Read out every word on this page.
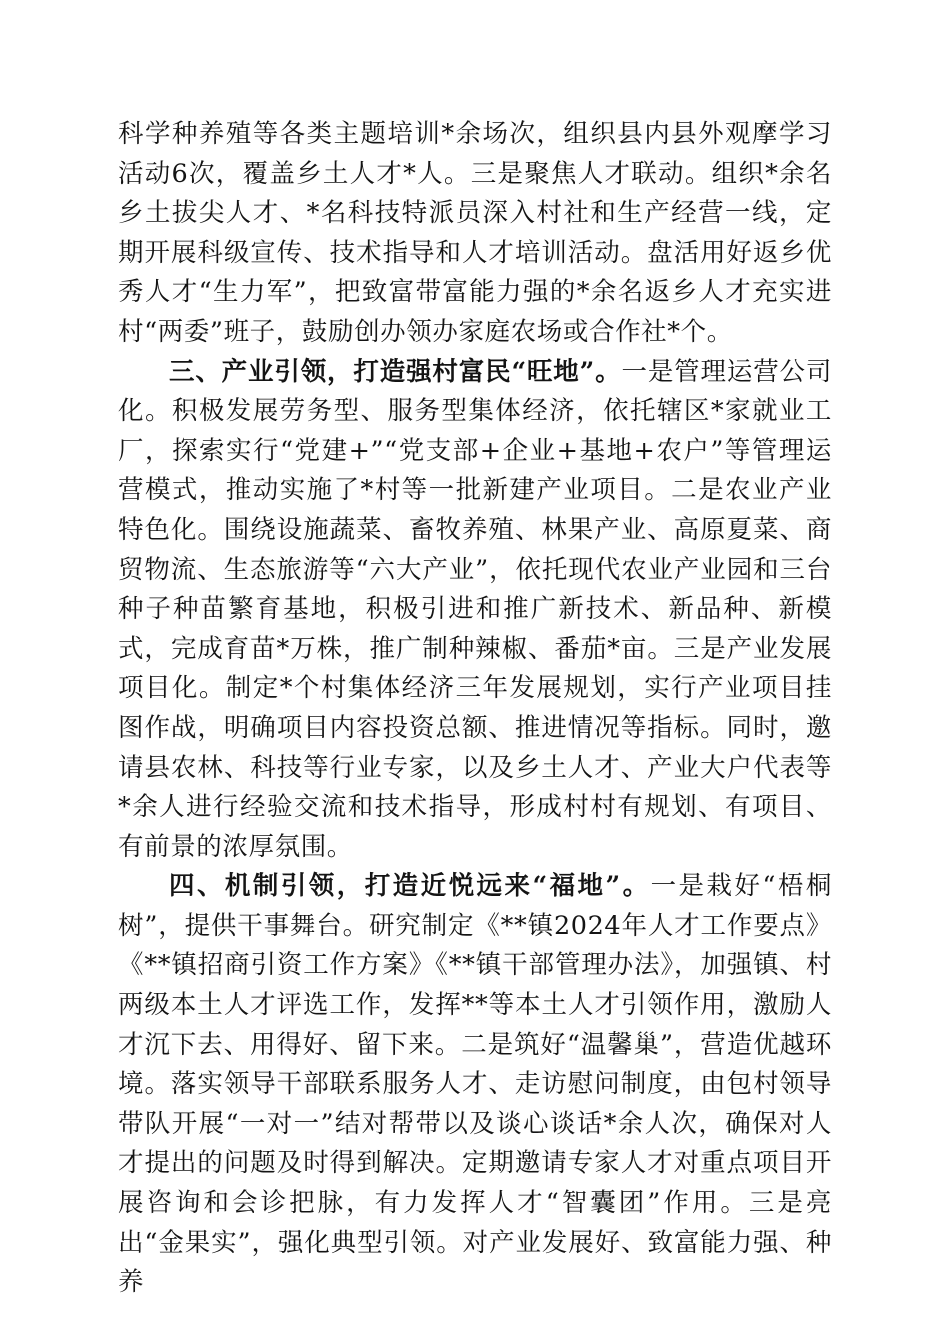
科学种养殖等各类主题培训*余场次，组织县内县外观摩学习活动6次，覆盖乡土人才*人。三是聚焦人才联动。组织*余名乡土拔尖人才、*名科技特派员深入村社和生产经营一线，定期开展科级宣传、技术指导和人才培训活动。盘活用好返乡优秀人才“生力军”，把致富带富能力强的*余名返乡人才充实进村“两委”班子，鼓励创办领办家庭农场或合作社*个。

三、产业引领，打造强村富民“旺地”。一是管理运营公司化。积极发展劳务型、服务型集体经济，依托辖区*家就业工厂，探索实行“党建+”“党支部+企业+基地+农户”等管理运营模式，推动实施了*村等一批新建产业项目。二是农业产业特色化。围绕设施蔬菜、畜牧养殖、林果产业、高原夏菜、商贸物流、生态旅游等“六大产业”，依托现代农业产业园和三台种子种苗繁育基地，积极引进和推广新技术、新品种、新模式，完成育苗*万株，推广制种辣椒、番茄*亩。三是产业发展项目化。制定*个村集体经济三年发展规划，实行产业项目挂图作战，明确项目内容投资总额、推进情况等指标。同时，邀请县农林、科技等行业专家，以及乡土人才、产业大户代表等*余人进行经验交流和技术指导，形成村村有规划、有项目、有前景的浓厚氛围。

四、机制引领，打造近悦远来“福地”。一是栽好“梧桐树”，提供干事舞台。研究制定《**镇2024年人才工作要点》《**镇招商引资工作方案》《**镇干部管理办法》，加强镇、村两级本土人才评选工作，发挥**等本土人才引领作用，激励人才沉下去、用得好、留下来。二是筑好“温馨巢”，营造优越环境。落实领导干部联系服务人才、走访慰问制度，由包村领导带队开展“一对一”结对帮带以及谈心谈话*余人次，确保对人才提出的问题及时得到解决。定期邀请专家人才对重点项目开展咨询和会诊把脉，有力发挥人才“智囊团”作用。三是亮出“金果实”，强化典型引领。对产业发展好、致富能力强、种养
